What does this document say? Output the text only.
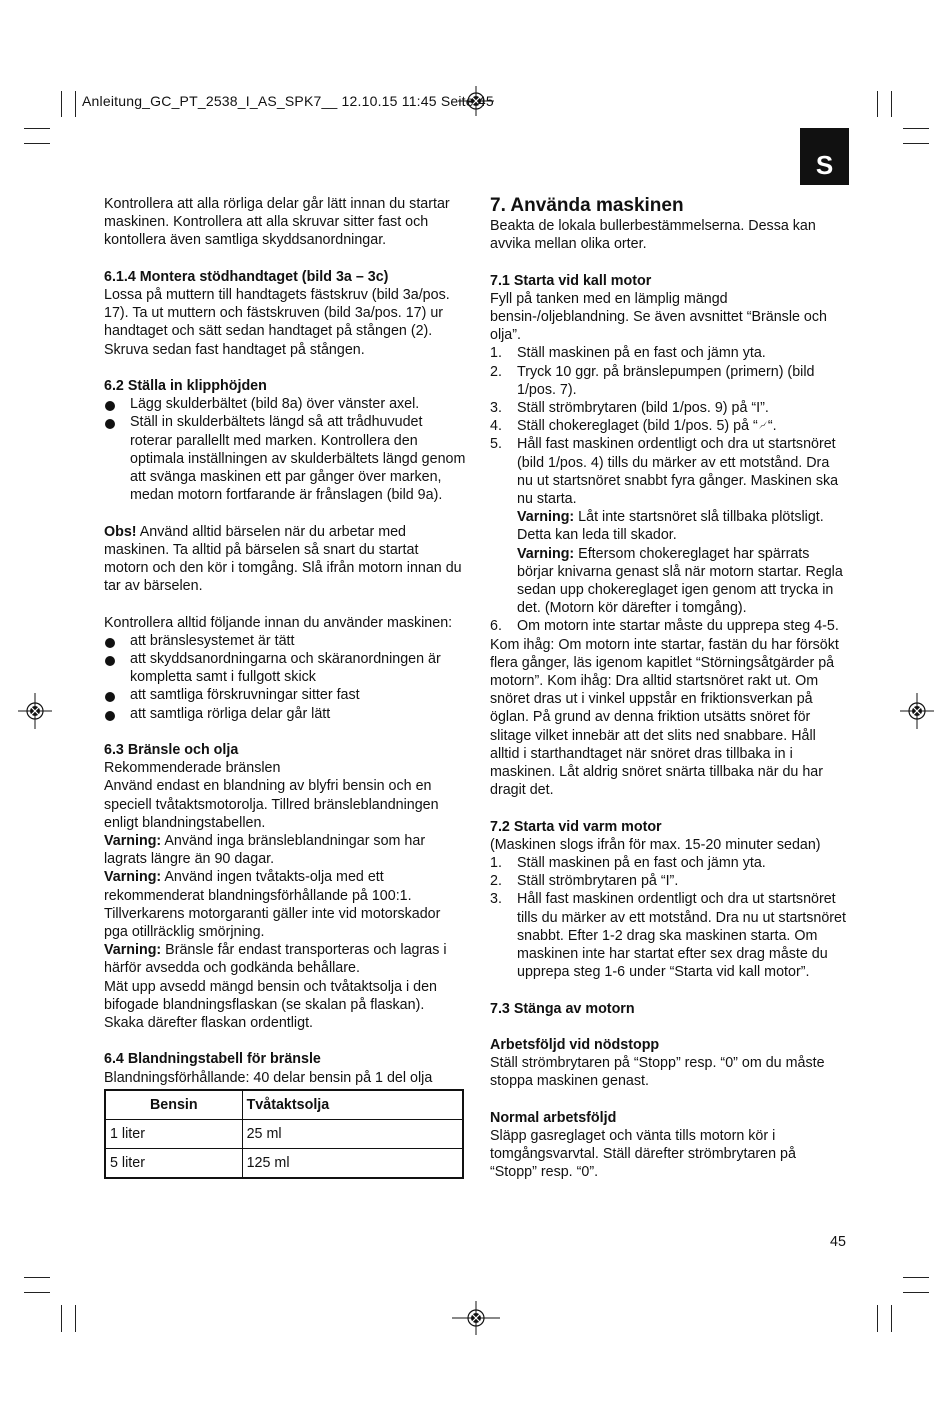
Anleitung_GC_PT_2538_I_AS_SPK7__ 12.10.15 11:45 Seite 45
S

Kontrollera att alla rörliga delar går lätt innan du startar maskinen. Kontrollera att alla skruvar sitter fast och kontollera även samtliga skyddsanordningar.

6.1.4 Montera stödhandtaget (bild 3a – 3c)

Lossa på muttern till handtagets fästskruv (bild 3a/pos. 17). Ta ut muttern och fästskruven (bild 3a/pos. 17) ur handtaget och sätt sedan handtaget på stången (2). Skruva sedan fast handtaget på stången.

6.2 Ställa in klipphöjden

Lägg skulderbältet (bild 8a) över vänster axel.
Ställ in skulderbältets längd så att trådhuvudet roterar parallellt med marken. Kontrollera den optimala inställningen av skulderbältets längd genom att svänga maskinen ett par gånger över marken, medan motorn fortfarande är frånslagen (bild 9a).

Obs! Använd alltid bärselen när du arbetar med maskinen. Ta alltid på bärselen så snart du startat motorn och den kör i tomgång. Slå ifrån motorn innan du tar av bärselen.

Kontrollera alltid följande innan du använder maskinen:

att bränslesystemet är tätt
att skyddsanordningarna och skäranordningen är kompletta samt i fullgott skick
att samtliga förskruvningar sitter fast
att samtliga rörliga delar går lätt

6.3 Bränsle och olja

Rekommenderade bränslen

Använd endast en blandning av blyfri bensin och en speciell tvåtaktsmotorolja. Tillred bränsleblandningen enligt blandningstabellen.

Varning: Använd inga bränsleblandningar som har lagrats längre än 90 dagar.

Varning: Använd ingen tvåtakts-olja med ett rekommenderat blandningsförhållande på 100:1. Tillverkarens motorgaranti gäller inte vid motorskador pga otillräcklig smörjning.

Varning: Bränsle får endast transporteras och lagras i härför avsedda och godkända behållare.

Mät upp avsedd mängd bensin och tvåtaktsolja i den bifogade blandningsflaskan (se skalan på flaskan). Skaka därefter flaskan ordentligt.

6.4 Blandningstabell för bränsle

Blandningsförhållande: 40 delar bensin på 1 del olja

Bensin	Tvåtaktsolja
1 liter	25 ml
5 liter	125 ml

7. Använda maskinen

Beakta de lokala bullerbestämmelserna. Dessa kan avvika mellan olika orter.

7.1 Starta vid kall motor

Fyll på tanken med en lämplig mängd bensin-/oljeblandning. Se även avsnittet “Bränsle och olja”.

1. Ställ maskinen på en fast och jämn yta.
2. Tryck 10 ggr. på bränslepumpen (primern) (bild 1/pos. 7).
3. Ställ strömbrytaren (bild 1/pos. 9) på “I”.
4. Ställ chokereglaget (bild 1/pos. 5) på “ “.
5. Håll fast maskinen ordentligt och dra ut startsnöret (bild 1/pos. 4) tills du märker av ett motstånd. Dra nu ut startsnöret snabbt fyra gånger. Maskinen ska nu starta.
Varning: Låt inte startsnöret slå tillbaka plötsligt. Detta kan leda till skador.
Varning: Eftersom chokereglaget har spärrats börjar knivarna genast slå när motorn startar. Regla sedan upp chokereglaget igen genom att trycka in det. (Motorn kör därefter i tomgång).
6. Om motorn inte startar måste du upprepa steg 4-5.

Kom ihåg: Om motorn inte startar, fastän du har försökt flera gånger, läs igenom kapitlet “Störningsåtgärder på motorn”. Kom ihåg: Dra alltid startsnöret rakt ut. Om snöret dras ut i vinkel uppstår en friktionsverkan på öglan. På grund av denna friktion utsätts snöret för slitage vilket innebär att det slits ned snabbare. Håll alltid i starthandtaget när snöret dras tillbaka in i maskinen. Låt aldrig snöret snärta tillbaka när du har dragit det.

7.2 Starta vid varm motor

(Maskinen slogs ifrån för max. 15-20 minuter sedan)

1. Ställ maskinen på en fast och jämn yta.
2. Ställ strömbrytaren på “I”.
3. Håll fast maskinen ordentligt och dra ut startsnöret tills du märker av ett motstånd. Dra nu ut startsnöret snabbt. Efter 1-2 drag ska maskinen starta. Om maskinen inte har startat efter sex drag måste du upprepa steg 1-6 under “Starta vid kall motor”.

7.3 Stänga av motorn

Arbetsföljd vid nödstopp

Ställ strömbrytaren på “Stopp” resp. “0” om du måste stoppa maskinen genast.

Normal arbetsföljd

Släpp gasreglaget och vänta tills motorn kör i tomgångsvarvtal. Ställ därefter strömbrytaren på “Stopp” resp. “0”.

45
